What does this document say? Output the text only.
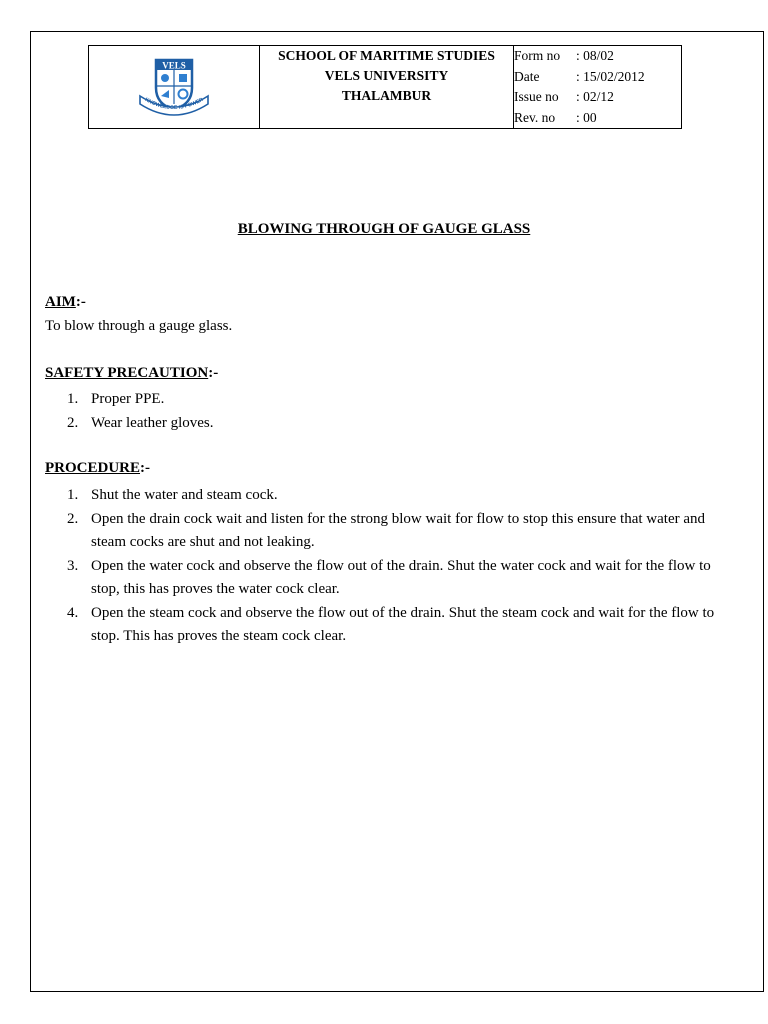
VELS
KNOWLEDGE IS POWER

SCHOOL OF MARITIME STUDIES
VELS UNIVERSITY
THALAMBUR

Form no : 08/02
Date	: 15/02/2012
Issue no : 02/12
Rev. no : 00
BLOWING THROUGH OF GAUGE GLASS
AIM:-
To blow through a gauge glass.
SAFETY PRECAUTION:-
1. Proper PPE.
2. Wear leather gloves.
PROCEDURE:-
1. Shut the water and steam cock.
2. Open the drain cock wait and listen for the strong blow wait for flow to stop this ensure that water and steam cocks are shut and not leaking.
3. Open the water cock and observe the flow out of the drain. Shut the water cock and wait for the flow to stop, this has proves the water cock clear.
4. Open the steam cock and observe the flow out of the drain. Shut the steam cock and wait for the flow to stop. This has proves the steam cock clear.
